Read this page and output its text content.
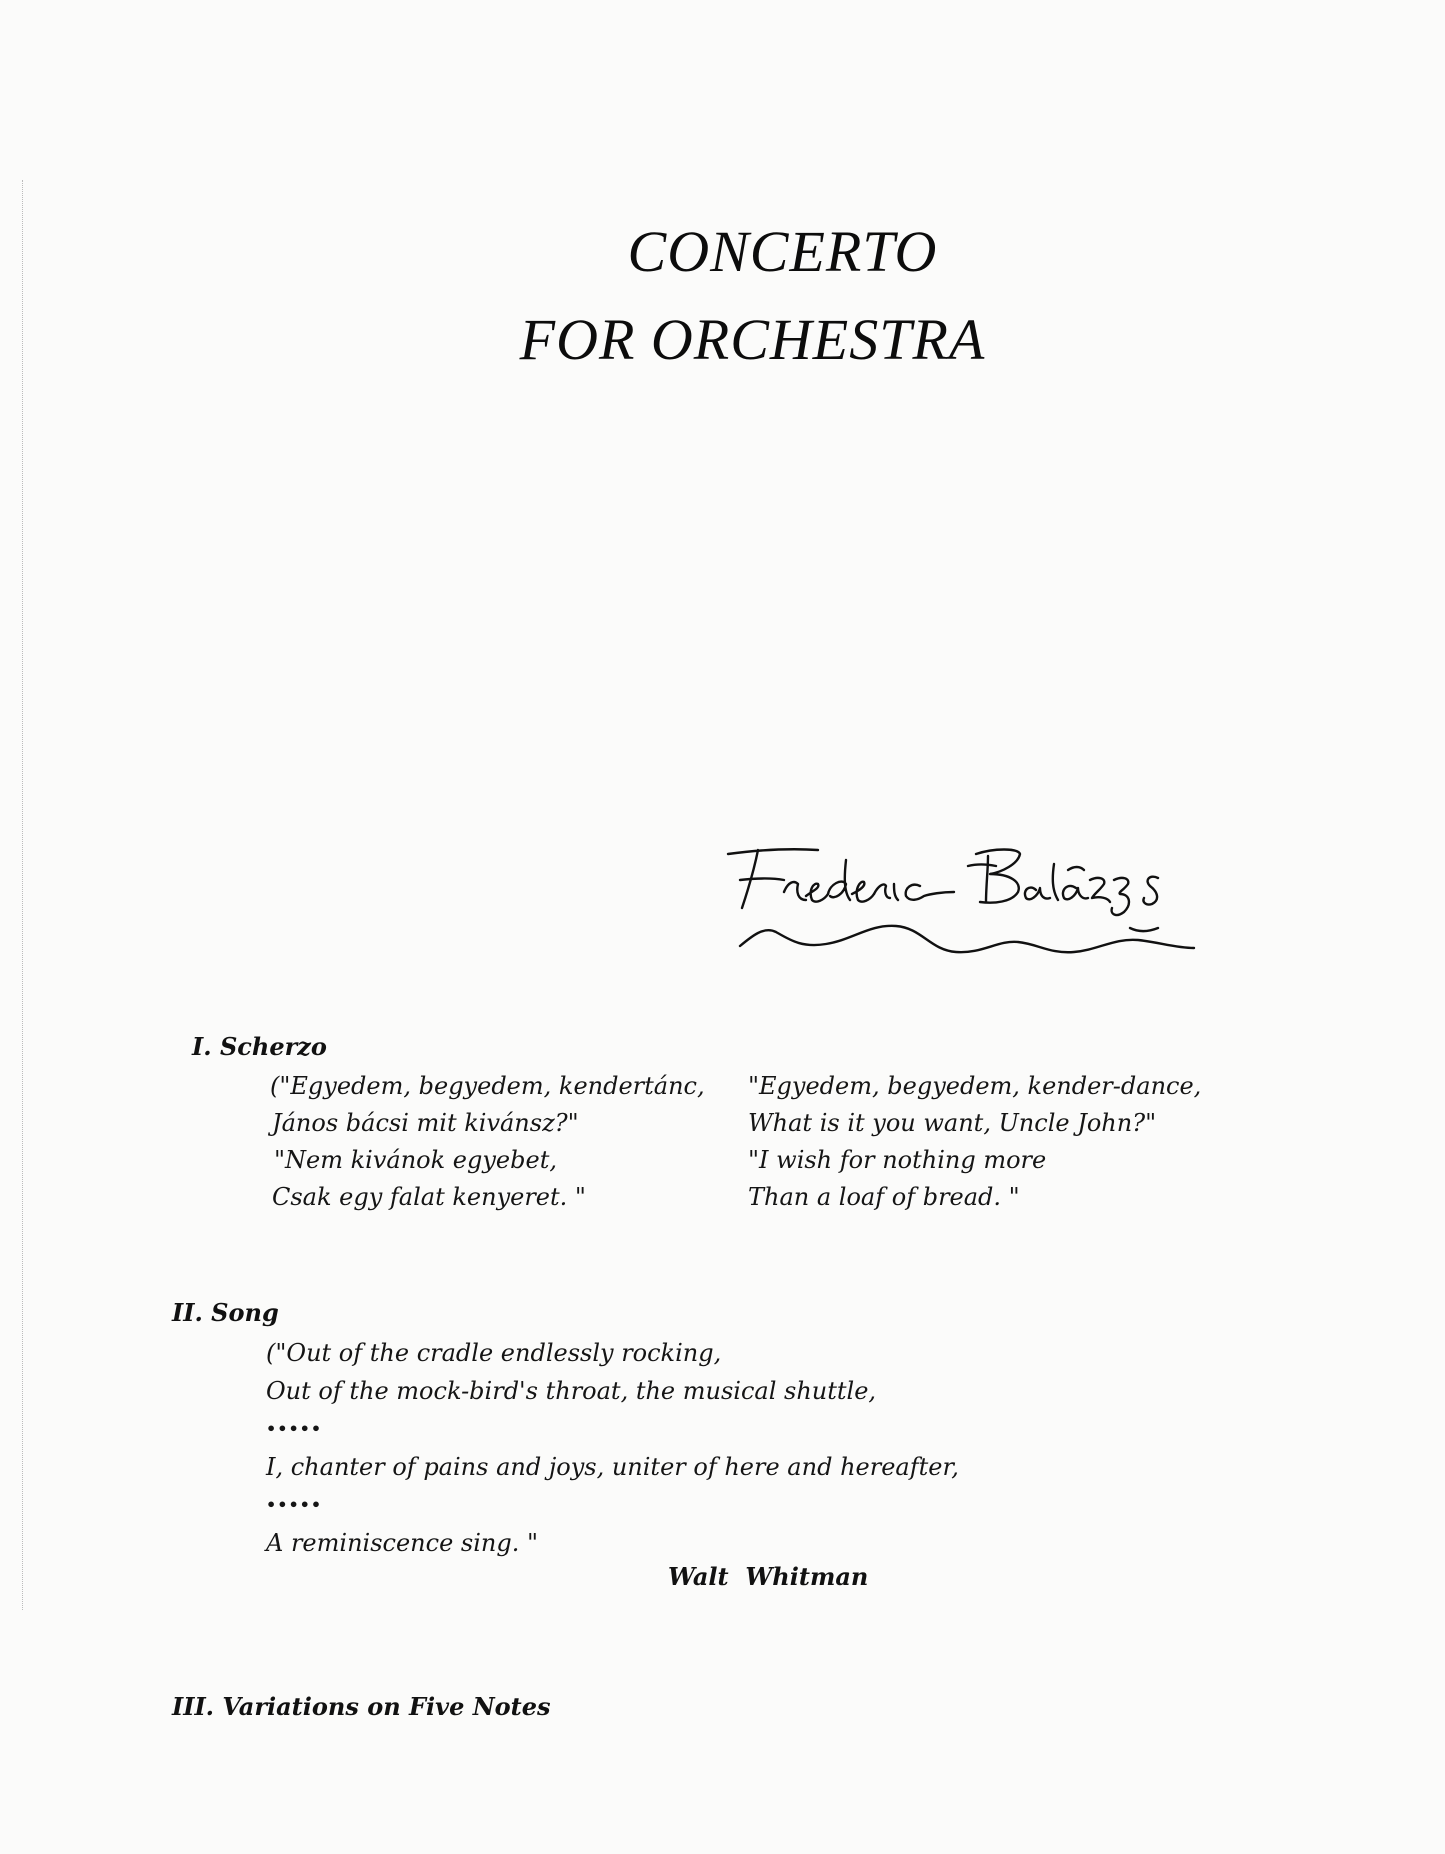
CONCERTO
FOR ORCHESTRA
I. Scherzo
("Egyedem, begyedem, kendertánc,
János bácsi mit kivánsz?"
"Nem kivánok egyebet,
Csak egy falat kenyeret. "
"Egyedem, begyedem, kender-dance,
What is it you want, Uncle John?"
"I wish for nothing more
Than a loaf of bread. "
II. Song
("Out of the cradle endlessly rocking,
Out of the mock-bird's throat, the musical shuttle,
•••••
I, chanter of pains and joys, uniter of here and hereafter,
•••••
A reminiscence sing. "
Walt  Whitman
III. Variations on Five Notes
